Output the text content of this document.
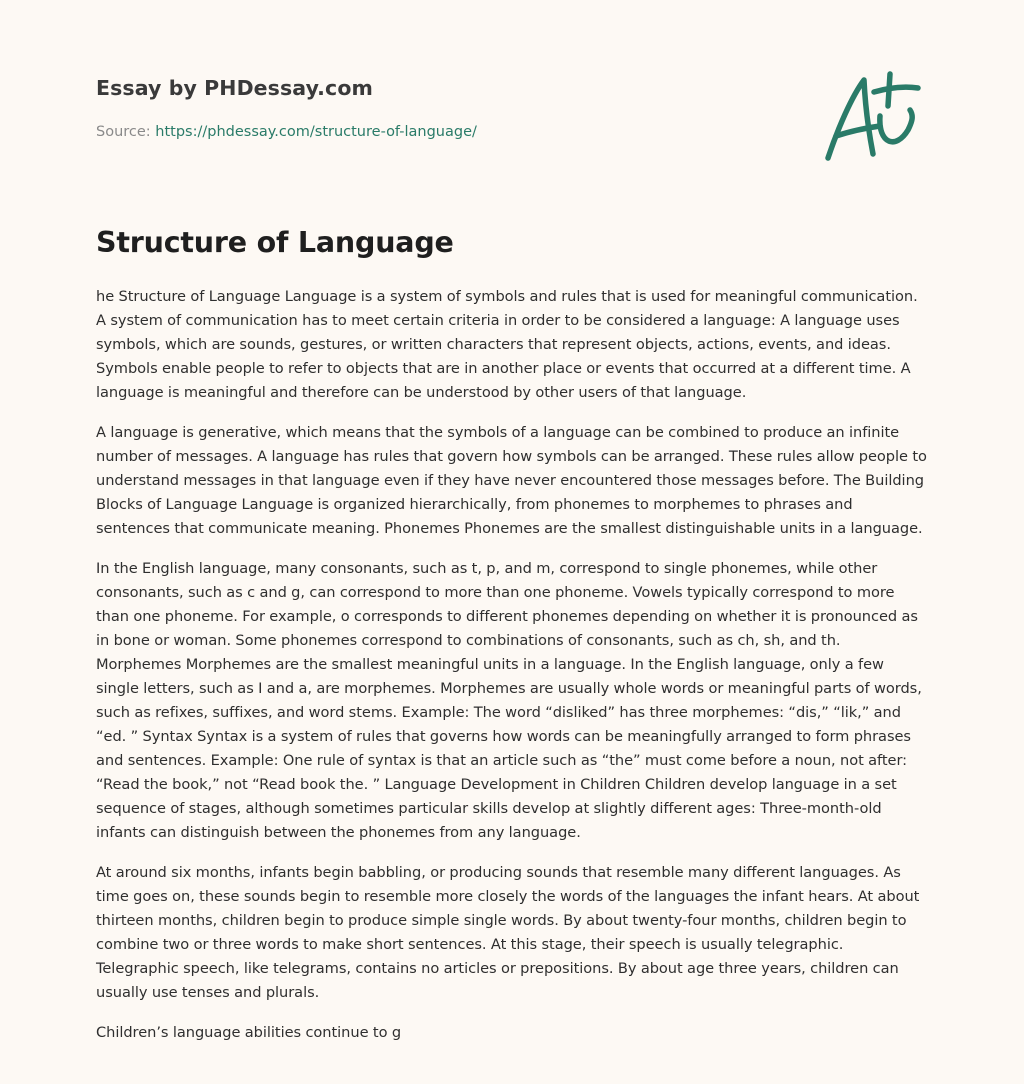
Essay by PHDessay.com
Source: https://phdessay.com/structure-of-language/
Structure of Language

he Structure of Language Language is a system of symbols and rules that is used for meaningful communication. A system of communication has to meet certain criteria in order to be considered a language: A language uses symbols, which are sounds, gestures, or written characters that represent objects, actions, events, and ideas. Symbols enable people to refer to objects that are in another place or events that occurred at a different time. A language is meaningful and therefore can be understood by other users of that language.

A language is generative, which means that the symbols of a language can be combined to produce an infinite number of messages. A language has rules that govern how symbols can be arranged. These rules allow people to understand messages in that language even if they have never encountered those messages before. The Building Blocks of Language Language is organized hierarchically, from phonemes to morphemes to phrases and sentences that communicate meaning. Phonemes Phonemes are the smallest distinguishable units in a language.

In the English language, many consonants, such as t, p, and m, correspond to single phonemes, while other consonants, such as c and g, can correspond to more than one phoneme. Vowels typically correspond to more than one phoneme. For example, o corresponds to different phonemes depending on whether it is pronounced as in bone or woman. Some phonemes correspond to combinations of consonants, such as ch, sh, and th. Morphemes Morphemes are the smallest meaningful units in a language. In the English language, only a few single letters, such as I and a, are morphemes. Morphemes are usually whole words or meaningful parts of words, such as refixes, suffixes, and word stems. Example: The word “disliked” has three morphemes: “dis,” “lik,” and “ed. ” Syntax Syntax is a system of rules that governs how words can be meaningfully arranged to form phrases and sentences. Example: One rule of syntax is that an article such as “the” must come before a noun, not after: “Read the book,” not “Read book the. ” Language Development in Children Children develop language in a set sequence of stages, although sometimes particular skills develop at slightly different ages: Three-month-old infants can distinguish between the phonemes from any language.

At around six months, infants begin babbling, or producing sounds that resemble many different languages. As time goes on, these sounds begin to resemble more closely the words of the languages the infant hears. At about thirteen months, children begin to produce simple single words. By about twenty-four months, children begin to combine two or three words to make short sentences. At this stage, their speech is usually telegraphic. Telegraphic speech, like telegrams, contains no articles or prepositions. By about age three years, children can usually use tenses and plurals.

Children’s language abilities continue to g
